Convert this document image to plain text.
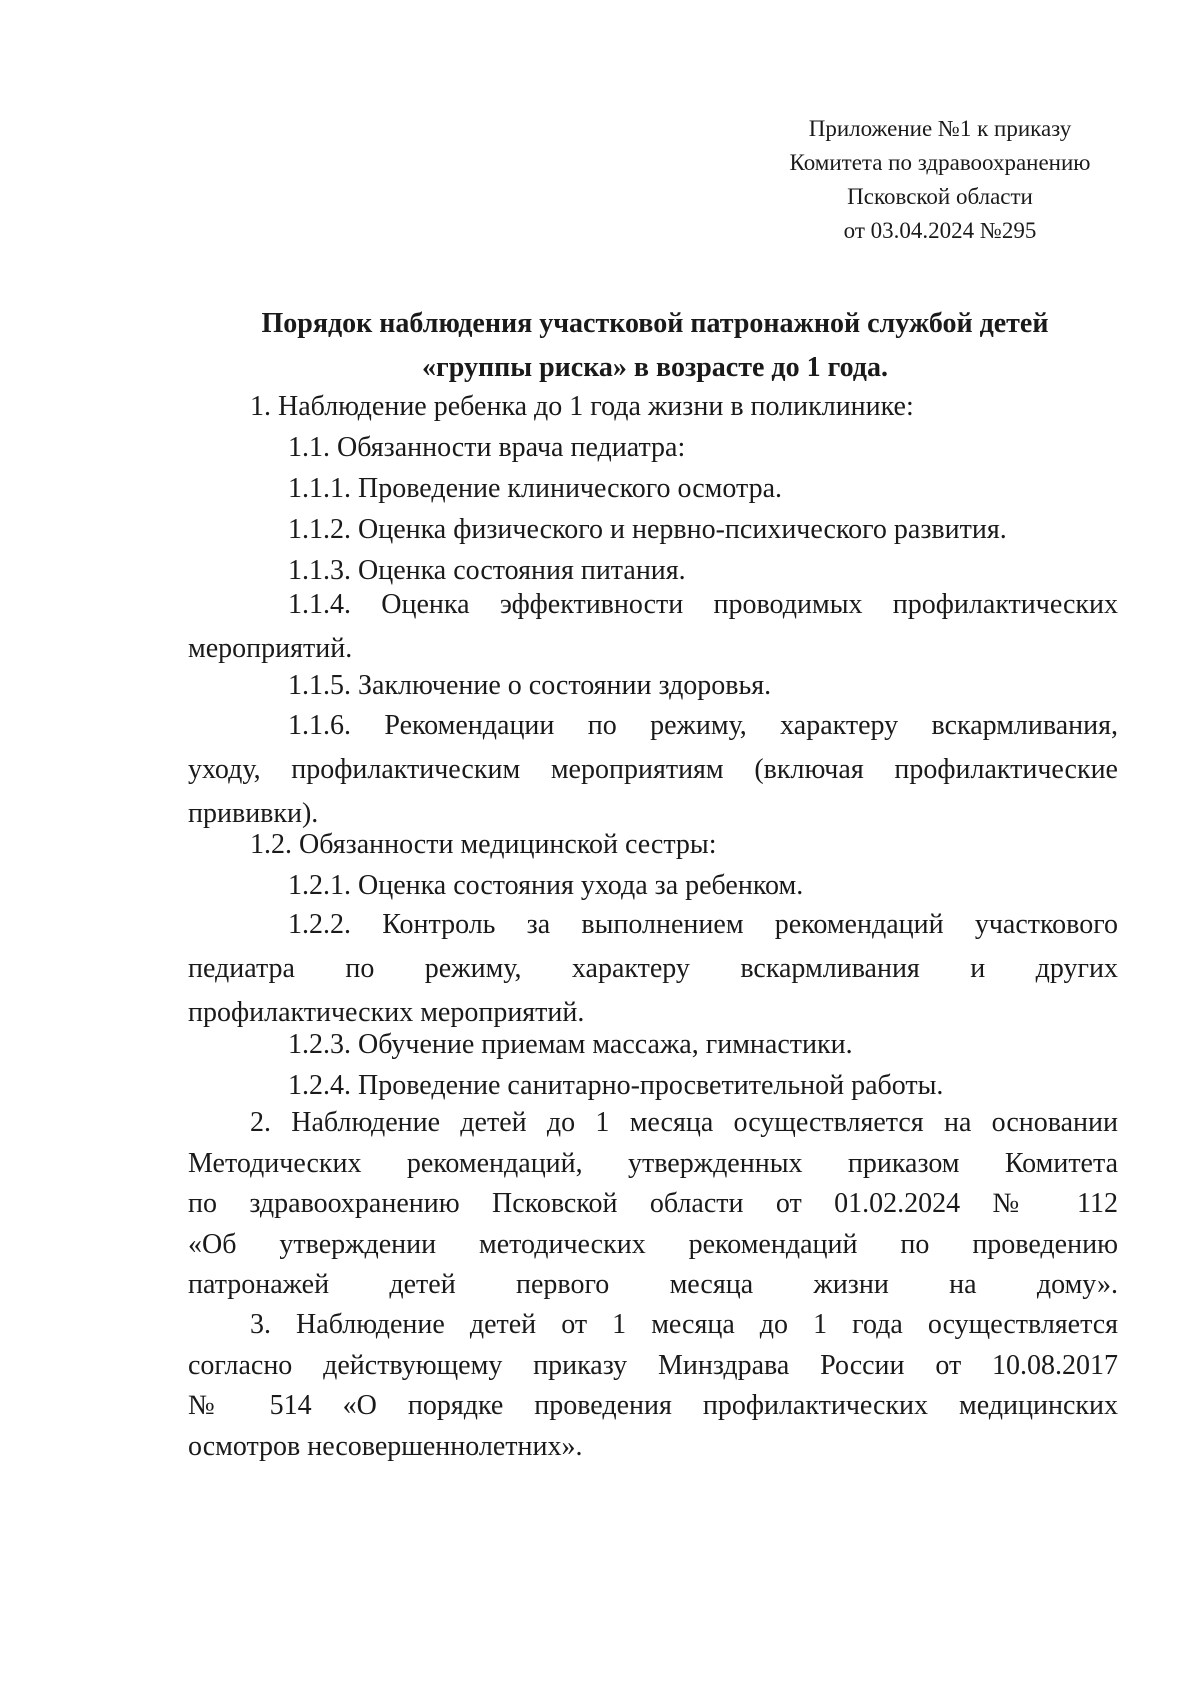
Приложение №1 к приказу
Комитета по здравоохранению
Псковской области
от 03.04.2024 №295
Порядок наблюдения участковой патронажной службой детей
«группы риска» в возрасте до 1 года.
1. Наблюдение ребенка до 1 года жизни в поликлинике:
1.1. Обязанности врача педиатра:
1.1.1. Проведение клинического осмотра.
1.1.2. Оценка физического и нервно-психического развития.
1.1.3. Оценка состояния питания.
1.1.4. Оценка эффективности проводимых профилактических
мероприятий.
1.1.5. Заключение о состоянии здоровья.
1.1.6. Рекомендации по режиму, характеру вскармливания,
уходу, профилактическим мероприятиям (включая профилактические
прививки).
1.2. Обязанности медицинской сестры:
1.2.1. Оценка состояния ухода за ребенком.
1.2.2. Контроль за выполнением рекомендаций участкового
педиатра по режиму, характеру вскармливания и других
профилактических мероприятий.
1.2.3. Обучение приемам массажа, гимнастики.
1.2.4. Проведение санитарно-просветительной работы.
2. Наблюдение детей до 1 месяца осуществляется на основании
Методических рекомендаций, утвержденных приказом Комитета
по здравоохранению Псковской области от 01.02.2024 № 112
«Об утверждении методических рекомендаций по проведению
патронажей детей первого месяца жизни на дому».
3. Наблюдение детей от 1 месяца до 1 года осуществляется
согласно действующему приказу Минздрава России от 10.08.2017
№ 514 «О порядке проведения профилактических медицинских
осмотров несовершеннолетних».
